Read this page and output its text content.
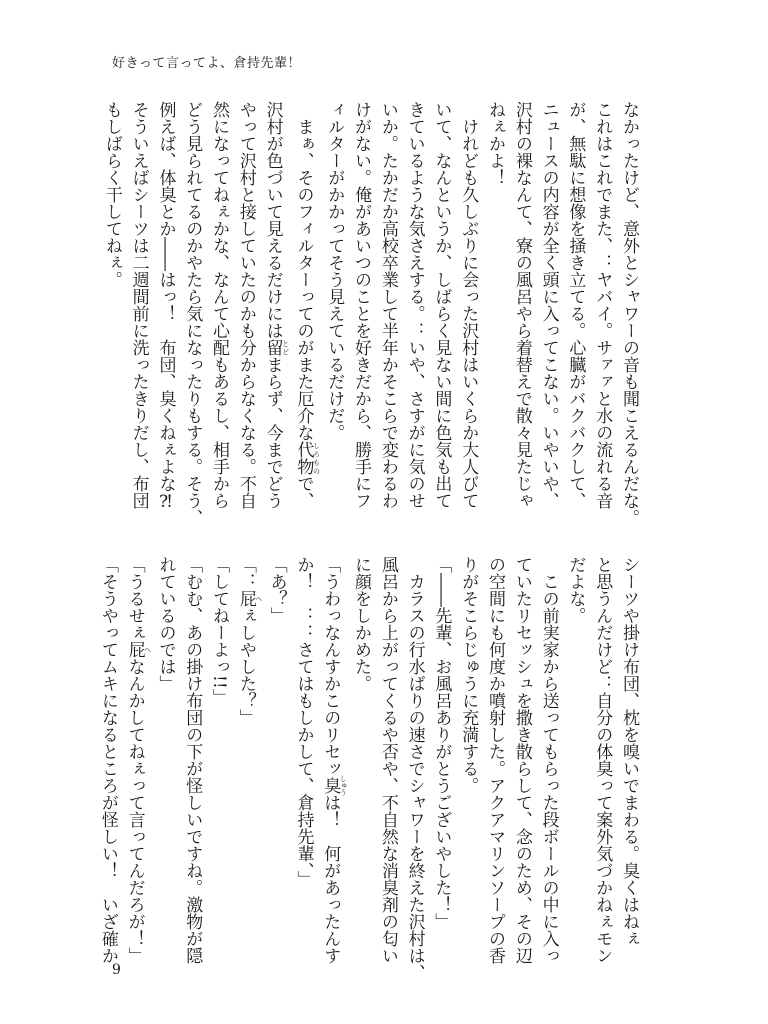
好きって言ってよ、倉持先輩！
なかったけど、意外とシャワーの音も聞こえるんだな。
これはこれでまた、：ヤバイ。サァァと水の流れる音
が、無駄に想像を掻き立てる。心臓がバクバクして、
ニュースの内容が全く頭に入ってこない。いやいや、
沢村の裸なんて、寮の風呂やら着替えで散々見たじゃ
ねぇかよ！
　けれども久しぶりに会った沢村はいくらか大人びて
いて、なんというか、しばらく見ない間に色気も出て
きているような気さえする。：いや、さすがに気のせ
いか。たかだか高校卒業して半年かそこらで変わるわ
けがない。俺があいつのことを好きだから、勝手にフ
ィルターがかかってそう見えているだけだ。
　まぁ、そのフィルターってのがまた厄介な代物 しろもので、
沢村が色づいて見えるだけには留 とどまらず、今までどう
やって沢村と接していたのかも分からなくなる。不自
然になってねぇかな、なんて心配もあるし、相手から
どう見られてるのかやたら気になったりもする。そう、
例えば、体臭とか――はっ！　布団、臭くねぇよな⁈
そういえばシーツは二週間前に洗ったきりだし、布団
もしばらく干してねぇ。
シーツや掛け布団、枕を嗅いでまわる。臭くはねぇ
と思うんだけど：自分の体臭って案外気づかねぇモン
だよな。
　この前実家から送ってもらった段ボールの中に入っ
ていたリセッシュを撒き散らして、念のため、その辺
の空間にも何度か噴射した。アクアマリンソープの香
りがそこらじゅうに充満する。
「――先輩、お風呂ありがとうございやした！」
　カラスの行水ばりの速さでシャワーを終えた沢村は、
風呂から上がってくるや否や、不自然な消臭剤の匂い
に顔をしかめた。
「うわっなんすかこのリセッ臭 しゅうは！　何があったんす
か！　：：さてはもしかして、倉持先輩、」
「あ？」
「：屁 へぇしやした？」
「してねーよっ!!」
「むむ、あの掛け布団の下が怪しいですね。激物が隠
れているのでは」
「うるせぇ屁 へなんかしてねぇって言ってんだろが！」
「そうやってムキになるところが怪しい！　いざ確か
9
